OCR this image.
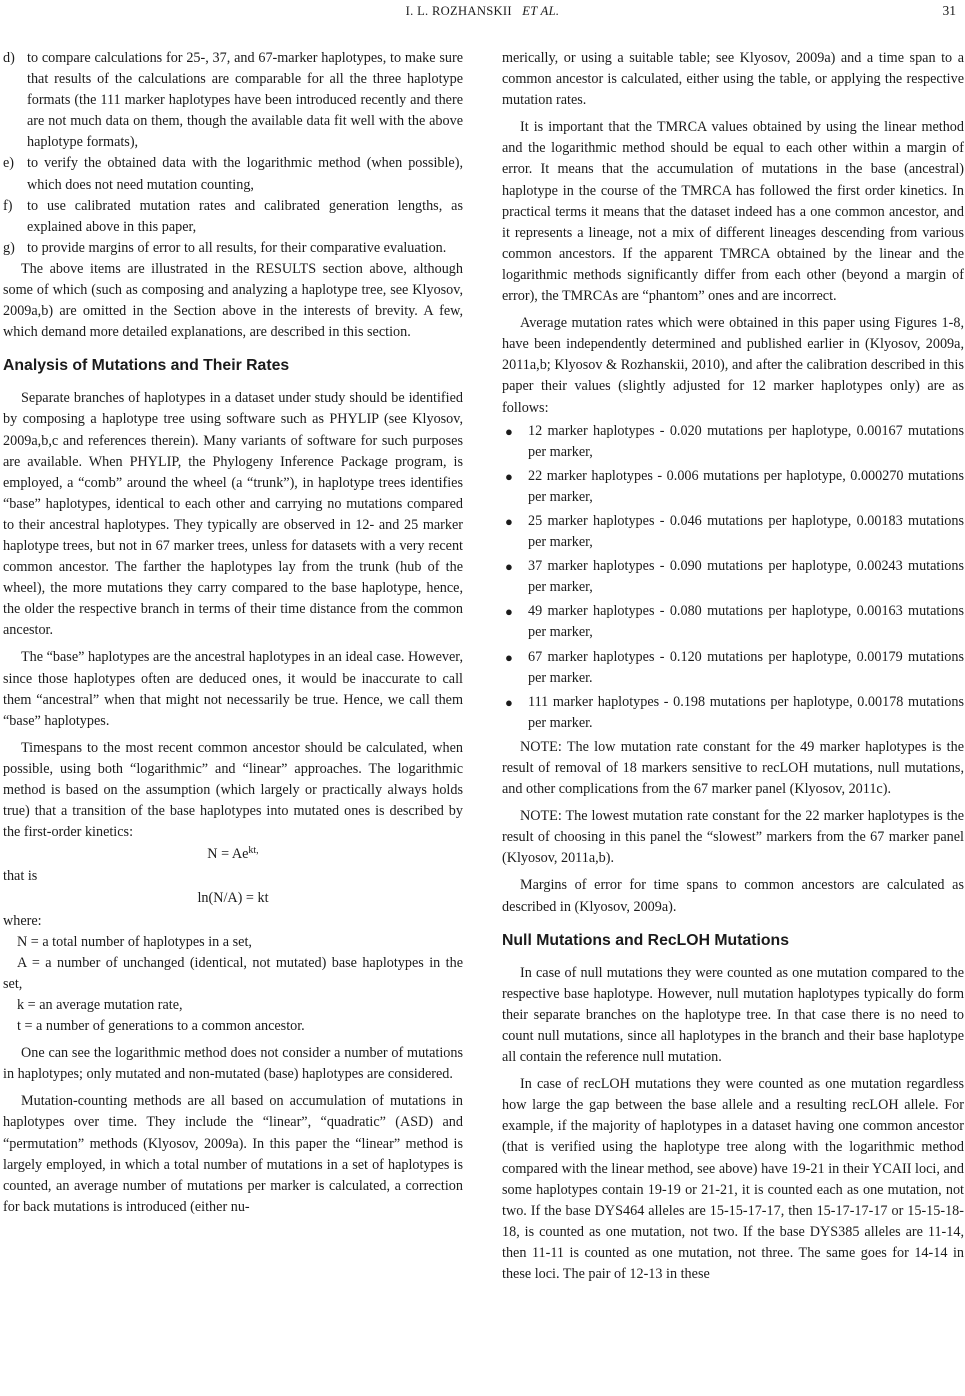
I. L. ROZHANSKII ET AL.	31
d) to compare calculations for 25-, 37, and 67-marker haplotypes, to make sure that results of the calculations are comparable for all the three haplotype formats (the 111 marker haplotypes have been introduced recently and there are not much data on them, though the available data fit well with the above haplotype formats),
e) to verify the obtained data with the logarithmic method (when possible), which does not need mutation counting,
f) to use calibrated mutation rates and calibrated generation lengths, as explained above in this paper,
g) to provide margins of error to all results, for their comparative evaluation.

The above items are illustrated in the RESULTS section above, although some of which (such as composing and analyzing a haplotype tree, see Klyosov, 2009a,b) are omitted in the Section above in the interests of brevity. A few, which demand more detailed explanations, are described in this section.

Analysis of Mutations and Their Rates

Separate branches of haplotypes in a dataset under study should be identified by composing a haplotype tree using software such as PHYLIP (see Klyosov, 2009a,b,c and references therein). Many variants of software for such purposes are available. When PHYLIP, the Phylogeny Inference Package program, is employed, a “comb” around the wheel (a “trunk”), in haplotype trees identifies “base” haplotypes, identical to each other and carrying no mutations compared to their ancestral haplotypes. They typically are observed in 12- and 25 marker haplotype trees, but not in 67 marker trees, unless for datasets with a very recent common ancestor. The farther the haplotypes lay from the trunk (hub of the wheel), the more mutations they carry compared to the base haplotype, hence, the older the respective branch in terms of their time distance from the common ancestor.

The “base” haplotypes are the ancestral haplotypes in an ideal case. However, since those haplotypes often are deduced ones, it would be inaccurate to call them “ancestral” when that might not necessarily be true. Hence, we call them “base” haplotypes.

Timespans to the most recent common ancestor should be calculated, when possible, using both “logarithmic” and “linear” approaches. The logarithmic method is based on the assumption (which largely or practically always holds true) that a transition of the base haplotypes into mutated ones is described by the first-order kinetics:

$N = Ae^{kt,}$

that is

ln(N/A) = kt

where:

N = a total number of haplotypes in a set,

A = a number of unchanged (identical, not mutated) base haplotypes in the set,

k = an average mutation rate,

t = a number of generations to a common ancestor.

One can see the logarithmic method does not consider a number of mutations in haplotypes; only mutated and non-mutated (base) haplotypes are considered.

Mutation-counting methods are all based on accumulation of mutations in haplotypes over time. They include the “linear”, “quadratic” (ASD) and “permutation” methods (Klyosov, 2009a). In this paper the “linear” method is largely employed, in which a total number of mutations in a set of haplotypes is counted, an average number of mutations per marker is calculated, a correction for back mutations is introduced (either nu-

merically, or using a suitable table; see Klyosov, 2009a) and a time span to a common ancestor is calculated, either using the table, or applying the respective mutation rates.

It is important that the TMRCA values obtained by using the linear method and the logarithmic method should be equal to each other within a margin of error. It means that the accumulation of mutations in the base (ancestral) haplotype in the course of the TMRCA has followed the first order kinetics. In practical terms it means that the dataset indeed has a one common ancestor, and it represents a lineage, not a mix of different lineages descending from various common ancestors. If the apparent TMRCA obtained by the linear and the logarithmic methods significantly differ from each other (beyond a margin of error), the TMRCAs are “phantom” ones and are incorrect.

Average mutation rates which were obtained in this paper using Figures 1-8, have been independently determined and published earlier in (Klyosov, 2009a, 2011a,b; Klyosov & Rozhanskii, 2010), and after the calibration described in this paper their values (slightly adjusted for 12 marker haplotypes only) are as follows:

● 12 marker haplotypes - 0.020 mutations per haplotype, 0.00167 mutations per marker,
● 22 marker haplotypes - 0.006 mutations per haplotype, 0.000270 mutations per marker,
● 25 marker haplotypes - 0.046 mutations per haplotype, 0.00183 mutations per marker,
● 37 marker haplotypes - 0.090 mutations per haplotype, 0.00243 mutations per marker,
● 49 marker haplotypes - 0.080 mutations per haplotype, 0.00163 mutations per marker,
● 67 marker haplotypes - 0.120 mutations per haplotype, 0.00179 mutations per marker.
● 111 marker haplotypes - 0.198 mutations per haplotype, 0.00178 mutations per marker.

NOTE: The low mutation rate constant for the 49 marker haplotypes is the result of removal of 18 markers sensitive to recLOH mutations, null mutations, and other complications from the 67 marker panel (Klyosov, 2011c).

NOTE: The lowest mutation rate constant for the 22 marker haplotypes is the result of choosing in this panel the “slowest” markers from the 67 marker panel (Klyosov, 2011a,b).

Margins of error for time spans to common ancestors are calculated as described in (Klyosov, 2009a).

Null Mutations and RecLOH Mutations

In case of null mutations they were counted as one mutation compared to the respective base haplotype. However, null mutation haplotypes typically do form their separate branches on the haplotype tree. In that case there is no need to count null mutations, since all haplotypes in the branch and their base haplotype all contain the reference null mutation.

In case of recLOH mutations they were counted as one mutation regardless how large the gap between the base allele and a resulting recLOH allele. For example, if the majority of haplotypes in a dataset having one common ancestor (that is verified using the haplotype tree along with the logarithmic method compared with the linear method, see above) have 19-21 in their YCAII loci, and some haplotypes contain 19-19 or 21-21, it is counted each as one mutation, not two. If the base DYS464 alleles are 15-15-17-17, then 15-17-17-17 or 15-15-18-18, is counted as one mutation, not two. If the base DYS385 alleles are 11-14, then 11-11 is counted as one mutation, not three. The same goes for 14-14 in these loci. The pair of 12-13 in these
